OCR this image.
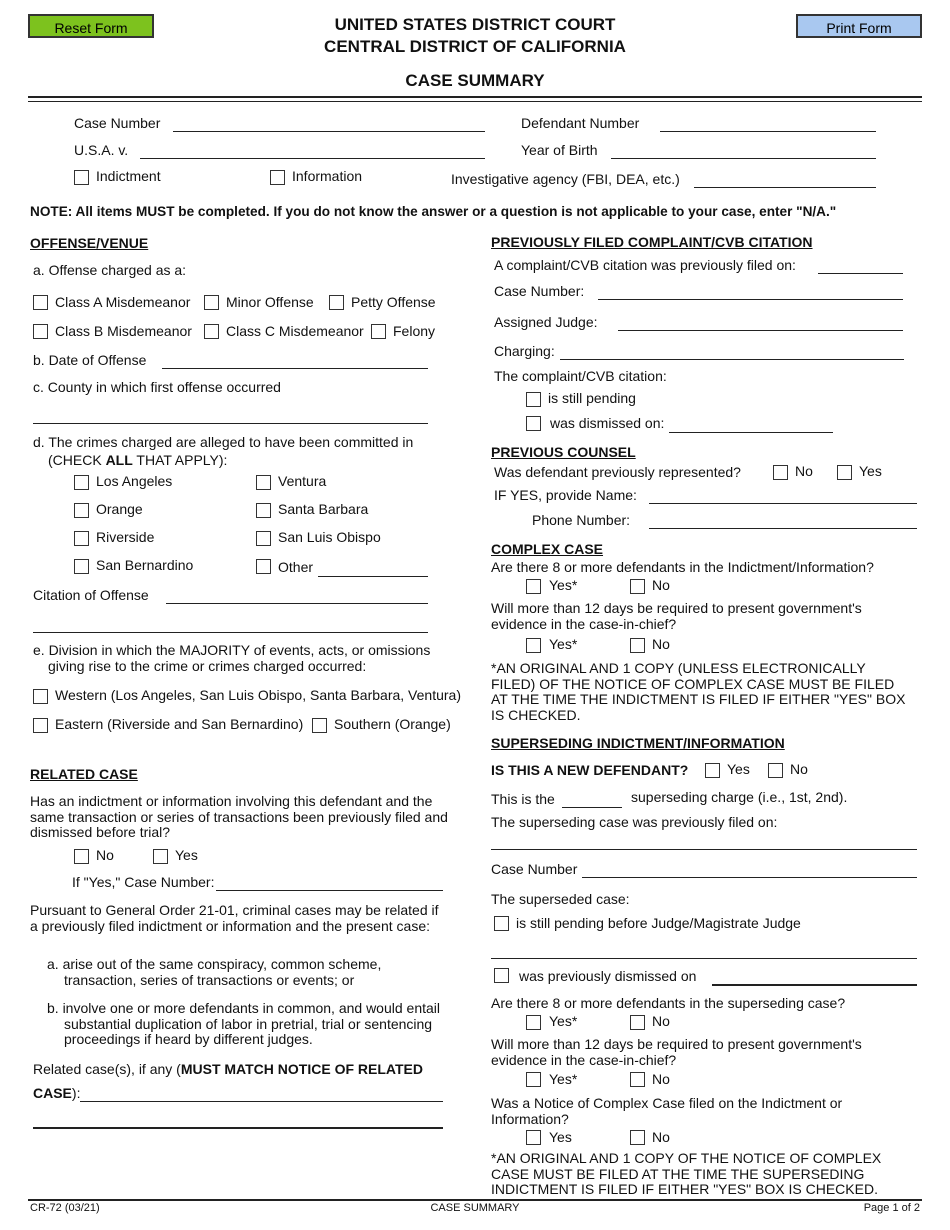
Reset Form	Print Form
UNITED STATES DISTRICT COURT
CENTRAL DISTRICT OF CALIFORNIA
CASE SUMMARY
Case Number
U.S.A. v.
Indictment	Information
Defendant Number
Year of Birth
Investigative agency (FBI, DEA, etc.)
NOTE: All items MUST be completed. If you do not know the answer or a question is not applicable to your case, enter "N/A."
OFFENSE/VENUE
a. Offense charged as a:
Class A Misdemeanor	Minor Offense	Petty Offense
Class B Misdemeanor Class C Misdemeanor Felony
b. Date of Offense
c. County in which first offense occurred
d. The crimes charged are alleged to have been committed in
(CHECK ALL THAT APPLY):
Los Angeles
Orange
Riverside
San Bernardino
Ventura
Santa Barbara
San Luis Obispo
Other
Citation of Offense
e. Division in which the MAJORITY of events, acts, or omissions
giving rise to the crime or crimes charged occurred:
Western (Los Angeles, San Luis Obispo, Santa Barbara, Ventura)
Eastern (Riverside and San Bernardino) Southern (Orange)
RELATED CASE
Has an indictment or information involving this defendant and the same transaction or series of transactions been previously filed and dismissed before trial?
No	Yes
If "Yes," Case Number:
Pursuant to General Order 21-01, criminal cases may be related if a previously filed indictment or information and the present case:
a. arise out of the same conspiracy, common scheme, transaction, series of transactions or events; or
b. involve one or more defendants in common, and would entail substantial duplication of labor in pretrial, trial or sentencing proceedings if heard by different judges.
Related case(s), if any (MUST MATCH NOTICE OF RELATED
CASE):
PREVIOUSLY FILED COMPLAINT/CVB CITATION
A complaint/CVB citation was previously filed on:
Case Number:
Assigned Judge:
Charging:
The complaint/CVB citation:
is still pending
was dismissed on:
PREVIOUS COUNSEL
Was defendant previously represented?	No	Yes
IF YES, provide Name:
Phone Number:
COMPLEX CASE
Are there 8 or more defendants in the Indictment/Information?
Yes*	No
Will more than 12 days be required to present government's evidence in the case-in-chief?
Yes*	No
*AN ORIGINAL AND 1 COPY (UNLESS ELECTRONICALLY FILED) OF THE NOTICE OF COMPLEX CASE MUST BE FILED AT THE TIME THE INDICTMENT IS FILED IF EITHER "YES" BOX IS CHECKED.
SUPERSEDING INDICTMENT/INFORMATION
IS THIS A NEW DEFENDANT?	Yes	No
This is the	superseding charge (i.e., 1st, 2nd).
The superseding case was previously filed on:
Case Number
The superseded case:
is still pending before Judge/Magistrate Judge
was previously dismissed on
Are there 8 or more defendants in the superseding case?
Yes*	No
Will more than 12 days be required to present government's evidence in the case-in-chief?
Yes*	No
Was a Notice of Complex Case filed on the Indictment or Information?
Yes	No
*AN ORIGINAL AND 1 COPY OF THE NOTICE OF COMPLEX CASE MUST BE FILED AT THE TIME THE SUPERSEDING INDICTMENT IS FILED IF EITHER "YES" BOX IS CHECKED.
CR-72 (03/21)	CASE SUMMARY	Page 1 of 2
